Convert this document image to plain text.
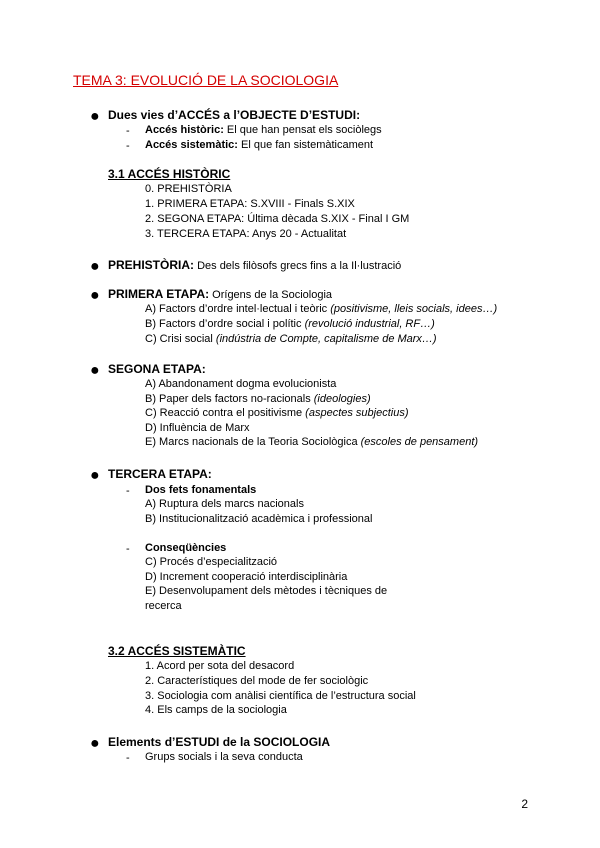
TEMA 3: EVOLUCIÓ DE LA SOCIOLOGIA
● Dues vies d’ACCÉS a l’OBJECTE D’ESTUDI:
- Accés històric: El que han pensat els sociòlegs
- Accés sistemàtic: El que fan sistemàticament
3.1 ACCÉS HISTÒRIC
0. PREHISTÒRIA
1. PRIMERA ETAPA: S.XVIII - Finals S.XIX
2. SEGONA ETAPA: Última dècada S.XIX - Final I GM
3. TERCERA ETAPA: Anys 20 - Actualitat
● PREHISTÒRIA: Des dels filòsofs grecs fins a la Il·lustració
● PRIMERA ETAPA: Orígens de la Sociologia
A) Factors d’ordre intel·lectual i teòric (positivisme, lleis socials, idees…)
B) Factors d’ordre social i polític (revolució industrial, RF…)
C) Crisi social (indústria de Compte, capitalisme de Marx…)
● SEGONA ETAPA:
A) Abandonament dogma evolucionista
B) Paper dels factors no-racionals (ideologies)
C) Reacció contra el positivisme (aspectes subjectius)
D) Influència de Marx
E) Marcs nacionals de la Teoria Sociològica (escoles de pensament)
● TERCERA ETAPA:
- Dos fets fonamentals
A) Ruptura dels marcs nacionals
B) Institucionalització acadèmica i professional
- Conseqüències
C) Procés d’especialització
D) Increment cooperació interdisciplinària
E) Desenvolupament dels mètodes i tècniques de
recerca
3.2 ACCÉS SISTEMÀTIC
1. Acord per sota del desacord
2. Característiques del mode de fer sociològic
3. Sociologia com anàlisi científica de l’estructura social
4. Els camps de la sociologia
● Elements d’ESTUDI de la SOCIOLOGIA
- Grups socials i la seva conducta
2
